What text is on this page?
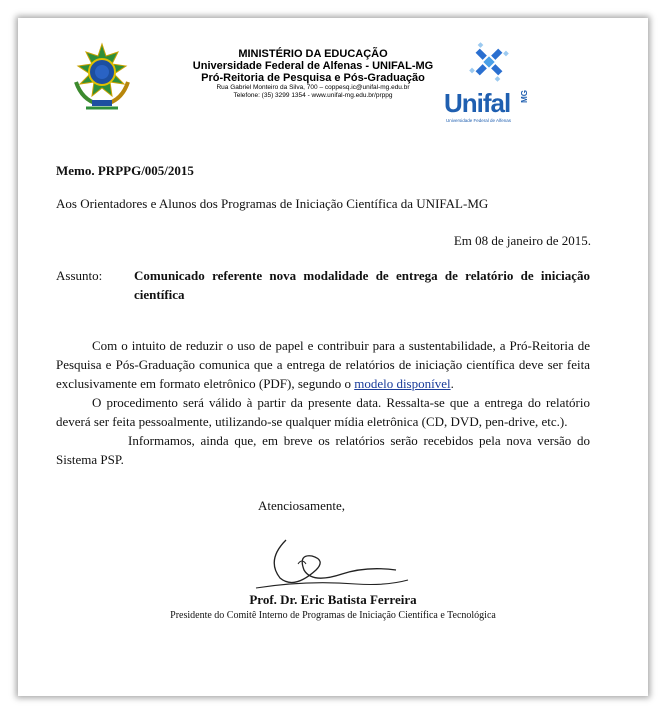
MINISTÉRIO DA EDUCAÇÃO
Universidade Federal de Alfenas - UNIFAL-MG
Pró-Reitoria de Pesquisa e Pós-Graduação
Rua Gabriel Monteiro da Silva, 700 – coppesq.ic@unifal-mg.edu.br
Telefone: (35) 3299 1354 - www.unifal-mg.edu.br/prppg	Unifal MG
Universidade Federal de Alfenas
Memo. PRPPG/005/2015
Aos Orientadores e Alunos dos Programas de Iniciação Científica da UNIFAL-MG
Em 08 de janeiro de 2015.
Assunto: Comunicado referente nova modalidade de entrega de relatório de iniciação científica

Com o intuito de reduzir o uso de papel e contribuir para a sustentabilidade, a Pró-Reitoria de Pesquisa e Pós-Graduação comunica que a entrega de relatórios de iniciação científica deve ser feita exclusivamente em formato eletrônico (PDF), segundo o modelo disponível.

O procedimento será válido à partir da presente data. Ressalta-se que a entrega do relatório deverá ser feita pessoalmente, utilizando-se qualquer mídia eletrônica (CD, DVD, pen-drive, etc.).

Informamos, ainda que, em breve os relatórios serão recebidos pela nova versão do Sistema PSP.

Atenciosamente,
Prof. Dr. Eric Batista Ferreira
Presidente do Comitê Interno de Programas de Iniciação Científica e Tecnológica
